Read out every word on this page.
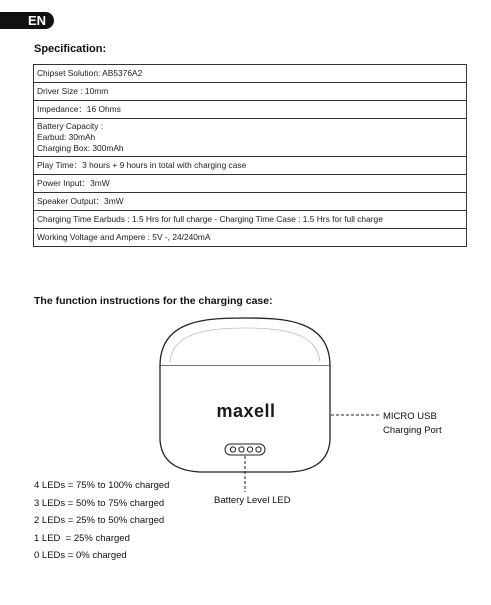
EN
Specification:
Chipset Solution: AB5376A2

Driver Size : 10mm

Impedance：16 Ohms

Battery Capacity :
Earbud: 30mAh
Charging Box: 300mAh

Play Time：3 hours + 9 hours in total with charging case

Power Input：3mW

Speaker Output：3mW

Charging Time Earbuds : 1.5 Hrs for full charge - Charging Time Case : 1.5 Hrs for full charge

Working Voltage and Ampere : 5V -, 24/240mA
The function instructions for the charging case:
maxell	MICRO USB Charging Port
Battery Level LED
4 LEDs = 75% to 100% charged
3 LEDs = 50% to 75% charged
2 LEDs = 25% to 50% charged
1 LED  = 25% charged
0 LEDs = 0% charged
